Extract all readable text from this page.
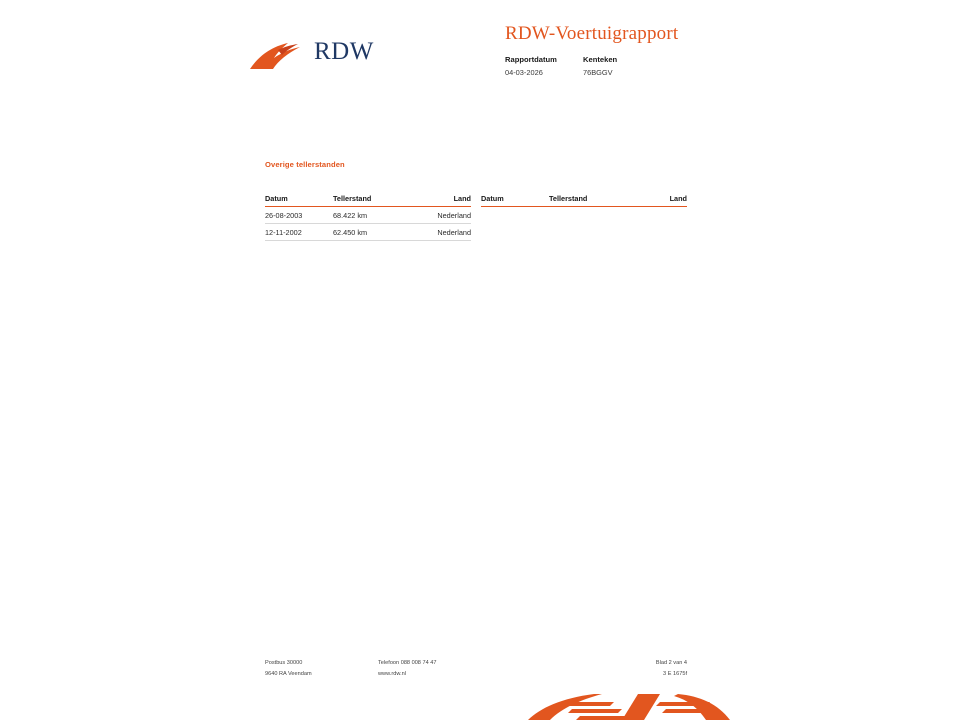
RDW
RDW-Voertuigrapport
Rapportdatum
04-03-2026
Kenteken
76BGGV
Overige tellerstanden
Datum	Tellerstand	Land
26-08-2003	68.422 km	Nederland
12-11-2002	62.450 km	Nederland
Datum	Tellerstand	Land
Postbus 30000
9640 RA Veendam
Telefoon 088 008 74 47
www.rdw.nl
Blad 2 van 4
3 E 1675f
